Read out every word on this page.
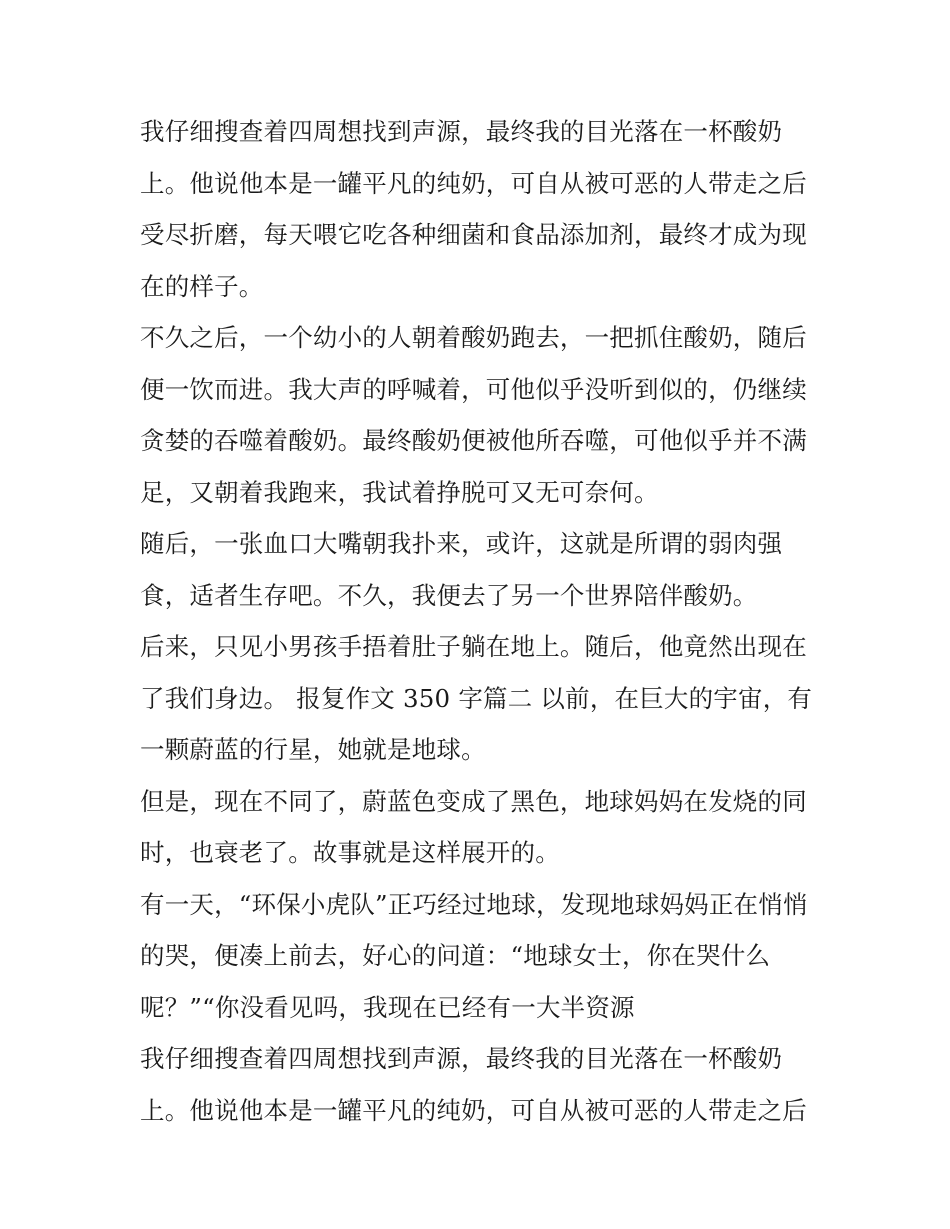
我仔细搜查着四周想找到声源，最终我的目光落在一杯酸奶
上。他说他本是一罐平凡的纯奶，可自从被可恶的人带走之后
受尽折磨，每天喂它吃各种细菌和食品添加剂，最终才成为现
在的样子。
不久之后，一个幼小的人朝着酸奶跑去，一把抓住酸奶，随后
便一饮而进。我大声的呼喊着，可他似乎没听到似的，仍继续
贪婪的吞噬着酸奶。最终酸奶便被他所吞噬，可他似乎并不满
足，又朝着我跑来，我试着挣脱可又无可奈何。
随后，一张血口大嘴朝我扑来，或许，这就是所谓的弱肉强
食，适者生存吧。不久，我便去了另一个世界陪伴酸奶。
后来，只见小男孩手捂着肚子躺在地上。随后，他竟然出现在
了我们身边。 报复作文 350 字篇二 以前，在巨大的宇宙，有
一颗蔚蓝的行星，她就是地球。
但是，现在不同了，蔚蓝色变成了黑色，地球妈妈在发烧的同
时，也衰老了。故事就是这样展开的。
有一天，“环保小虎队”正巧经过地球，发现地球妈妈正在悄悄
的哭，便凑上前去，好心的问道：“地球女士，你在哭什么
呢？”“你没看见吗，我现在已经有一大半资源
我仔细搜查着四周想找到声源，最终我的目光落在一杯酸奶
上。他说他本是一罐平凡的纯奶，可自从被可恶的人带走之后
